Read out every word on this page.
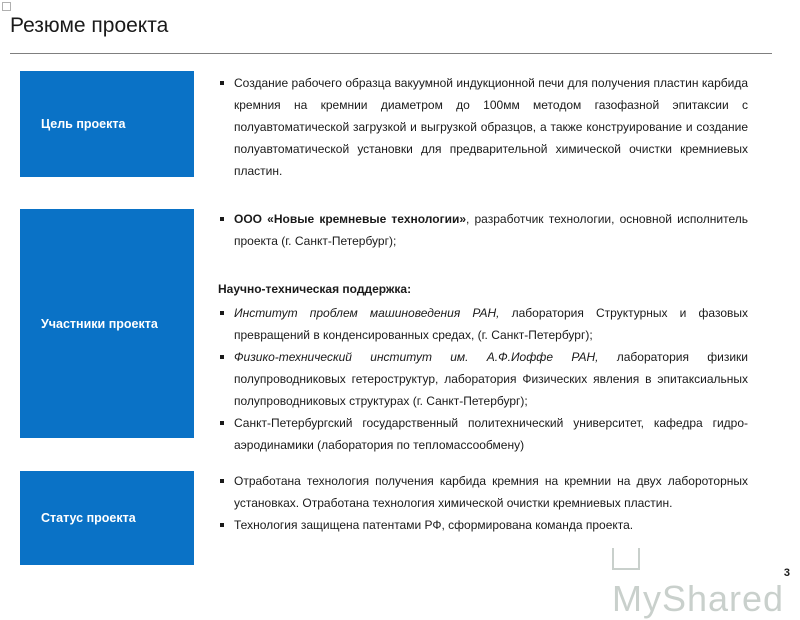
Резюме проекта
Цель проекта

Создание рабочего образца вакуумной индукционной печи для получения пластин карбида кремния на кремнии диаметром до 100мм методом газофазной эпитаксии с полуавтоматической загрузкой и выгрузкой образцов, а также конструирование и создание полуавтоматической установки для предварительной химической очистки кремниевых пластин.

Участники проекта

ООО «Новые кремневые технологии», разработчик технологии, основной исполнитель проекта (г. Санкт-Петербург);

Научно-техническая поддержка:

Институт проблем машиноведения РАН, лаборатория Структурных и фазовых превращений в конденсированных средах, (г. Санкт-Петербург);

Физико-технический институт им. А.Ф.Иоффе РАН, лаборатория физики полупроводниковых гетероструктур, лаборатория Физических явления в эпитаксиальных полупроводниковых структурах (г. Санкт-Петербург);

Санкт-Петербургский государственный политехнический университет, кафедра гидро-аэродинамики (лаборатория по тепломассообмену)

Статус проекта

Отработана технология получения карбида кремния на кремнии на двух лабороторных установках. Отработана технология химической очистки кремниевых пластин.

Технология защищена патентами РФ, сформирована команда проекта.

MyShared
3
